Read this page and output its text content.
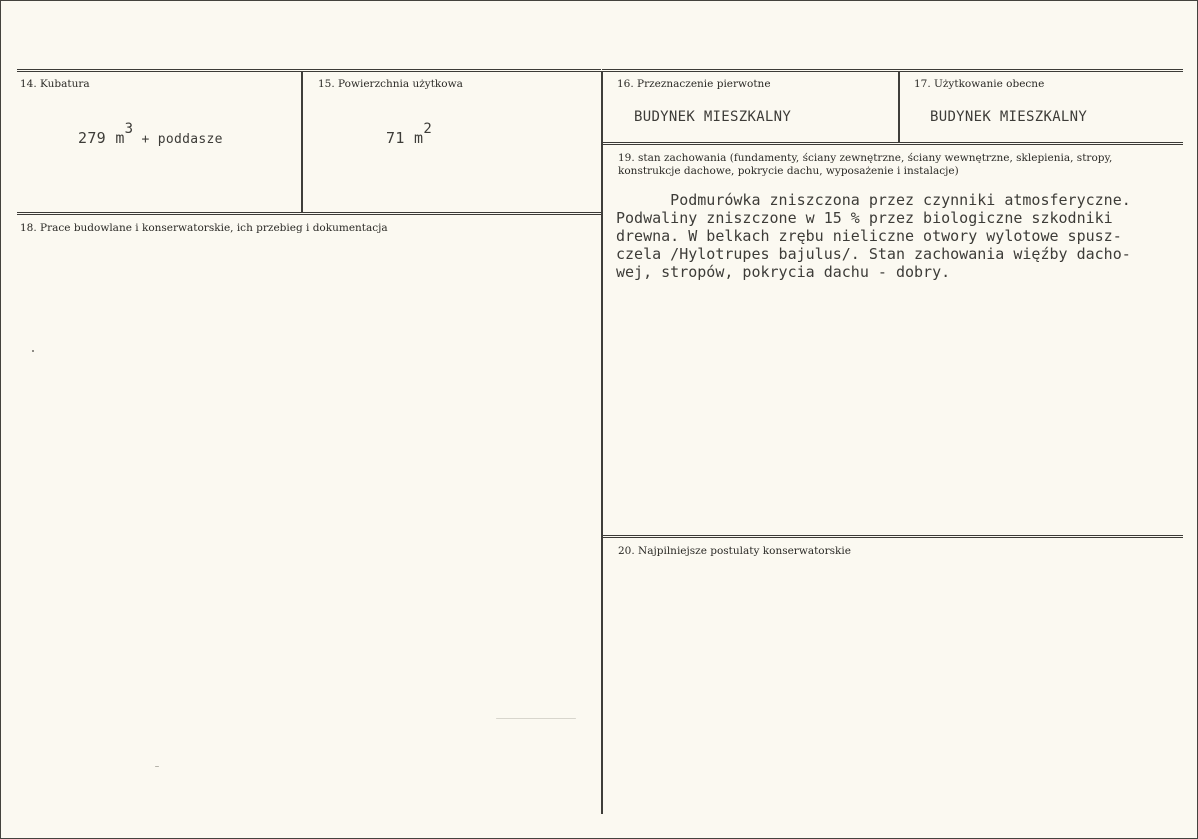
14. Kubatura
279 $m^3$ + poddasze
15. Powierzchnia użytkowa
71 $m^2$
16. Przeznaczenie pierwotne
BUDYNEK MIESZKALNY
17. Użytkowanie obecne
BUDYNEK MIESZKALNY
18. Prace budowlane i konserwatorskie, ich przebieg i dokumentacja
19. stan zachowania (fundamenty, ściany zewnętrzne, ściany wewnętrzne, sklepienia, stropy, konstrukcje dachowe, pokrycie dachu, wyposażenie i instalacje)
Podmurówka zniszczona przez czynniki atmosferyczne.
Podwaliny zniszczone w 15 % przez biologiczne szkodniki
drewna. W belkach zrębu nieliczne otwory wylotowe spusz-
czela /Hylotrupes bajulus/. Stan zachowania więźby dacho-
wej, stropów, pokrycia dachu - dobry.
20. Najpilniejsze postulaty konserwatorskie
